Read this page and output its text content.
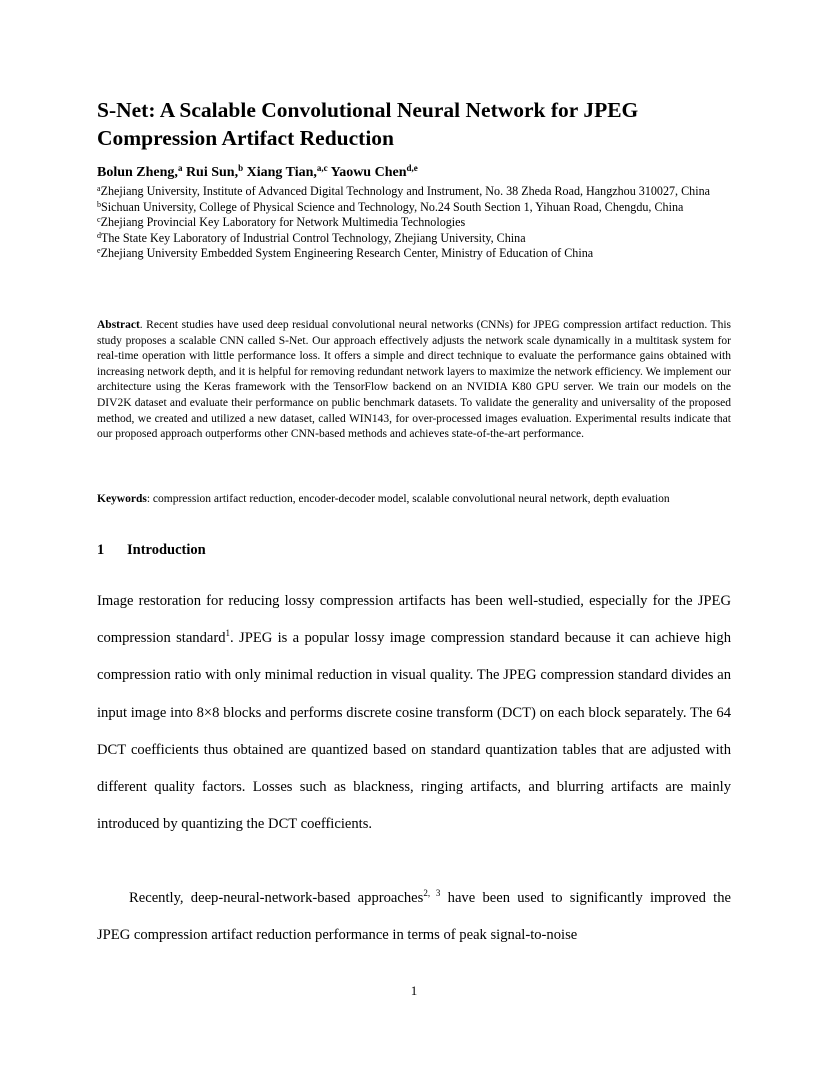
S-Net: A Scalable Convolutional Neural Network for JPEG Compression Artifact Reduction

Bolun Zheng,$^a$ Rui Sun,$^b$ Xiang Tian,$^{a,c}$ Yaowu Chen$^{d,e}$

$^a$Zhejiang University, Institute of Advanced Digital Technology and Instrument, No. 38 Zheda Road, Hangzhou 310027, China
$^b$Sichuan University, College of Physical Science and Technology, No.24 South Section 1, Yihuan Road, Chengdu, China
$^c$Zhejiang Provincial Key Laboratory for Network Multimedia Technologies
$^d$The State Key Laboratory of Industrial Control Technology, Zhejiang University, China
$^e$Zhejiang University Embedded System Engineering Research Center, Ministry of Education of China

Abstract. Recent studies have used deep residual convolutional neural networks (CNNs) for JPEG compression artifact reduction. This study proposes a scalable CNN called S-Net. Our approach effectively adjusts the network scale dynamically in a multitask system for real-time operation with little performance loss. It offers a simple and direct technique to evaluate the performance gains obtained with increasing network depth, and it is helpful for removing redundant network layers to maximize the network efficiency. We implement our architecture using the Keras framework with the TensorFlow backend on an NVIDIA K80 GPU server. We train our models on the DIV2K dataset and evaluate their performance on public benchmark datasets. To validate the generality and universality of the proposed method, we created and utilized a new dataset, called WIN143, for over-processed images evaluation. Experimental results indicate that our proposed approach outperforms other CNN-based methods and achieves state-of-the-art performance.

Keywords: compression artifact reduction, encoder-decoder model, scalable convolutional neural network, depth evaluation

1 Introduction

Image restoration for reducing lossy compression artifacts has been well-studied, especially for the JPEG compression standard$^1$. JPEG is a popular lossy image compression standard because it can achieve high compression ratio with only minimal reduction in visual quality. The JPEG compression standard divides an input image into 8×8 blocks and performs discrete cosine transform (DCT) on each block separately. The 64 DCT coefficients thus obtained are quantized based on standard quantization tables that are adjusted with different quality factors. Losses such as blackness, ringing artifacts, and blurring artifacts are mainly introduced by quantizing the DCT coefficients.

Recently, deep-neural-network-based approaches$^{2, 3}$ have been used to significantly improved the JPEG compression artifact reduction performance in terms of peak signal-to-noise

1
